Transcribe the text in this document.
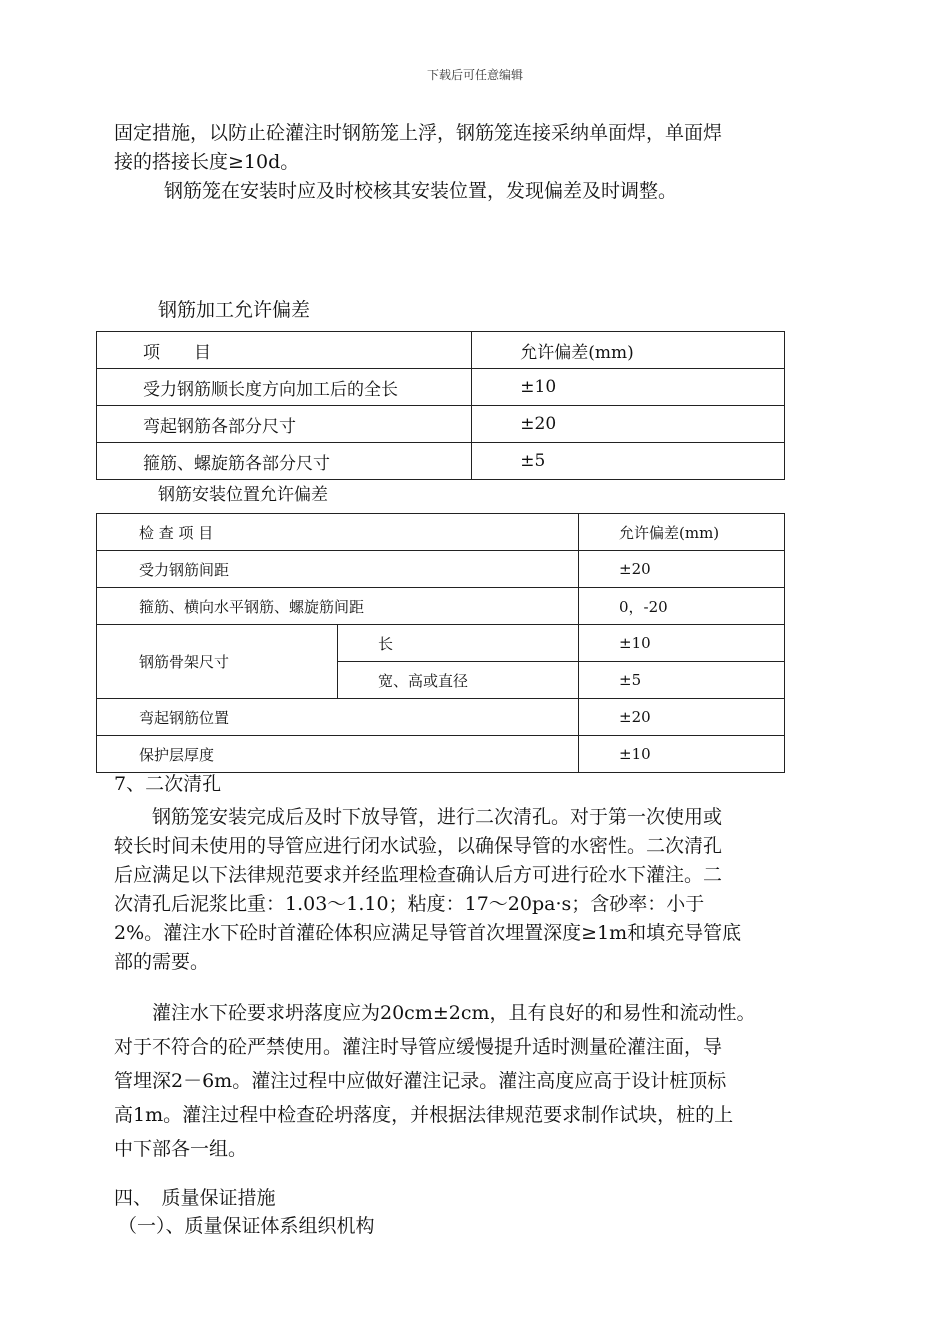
下载后可任意编辑
固定措施，以防止砼灌注时钢筋笼上浮，钢筋笼连接采纳单面焊，单面焊
接的搭接长度≥10d。
钢筋笼在安装时应及时校核其安装位置，发现偏差及时调整。
钢筋加工允许偏差
项　　目	允许偏差(mm)
受力钢筋顺长度方向加工后的全长	±10
弯起钢筋各部分尺寸	±20
箍筋、螺旋筋各部分尺寸	±5
钢筋安装位置允许偏差
检 查 项 目		允许偏差(mm)
受力钢筋间距		±20
箍筋、横向水平钢筋、螺旋筋间距		0，-20
钢筋骨架尺寸	长	±10
	宽、高或直径	±5
弯起钢筋位置		±20
保护层厚度		±10
7、二次清孔
　　钢筋笼安装完成后及时下放导管，进行二次清孔。对于第一次使用或
较长时间未使用的导管应进行闭水试验，以确保导管的水密性。二次清孔
后应满足以下法律规范要求并经监理检查确认后方可进行砼水下灌注。二
次清孔后泥浆比重：1.03～1.10；粘度：17～20pa·s；含砂率：小于
2%。灌注水下砼时首灌砼体积应满足导管首次埋置深度≥1m和填充导管底
部的需要。
　　灌注水下砼要求坍落度应为20cm±2cm，且有良好的和易性和流动性。
对于不符合的砼严禁使用。灌注时导管应缓慢提升适时测量砼灌注面，导
管埋深2－6m。灌注过程中应做好灌注记录。灌注高度应高于设计桩顶标
高1m。灌注过程中检查砼坍落度，并根据法律规范要求制作试块，桩的上
中下部各一组。
四、　质量保证措施
（一）、质量保证体系组织机构
